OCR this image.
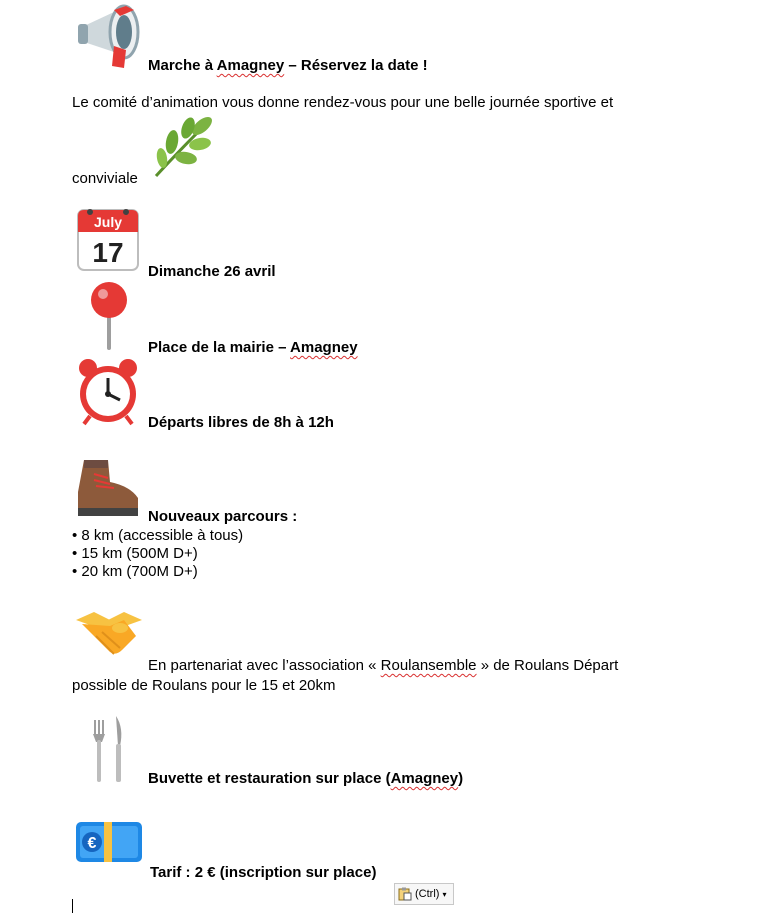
Marche à Amagney – Réservez la date !
Le comité d’animation vous donne rendez-vous pour une belle journée sportive et
conviviale
July
17
Dimanche 26 avril
Place de la mairie – Amagney
Départs libres de 8h à 12h
Nouveaux parcours :
• 8 km (accessible à tous)
• 15 km (500M D+)
• 20 km (700M D+)
En partenariat avec l’association « Roulansemble » de Roulans Départ
possible de Roulans pour le 15 et 20km
Buvette et restauration sur place (Amagney)
€
Tarif : 2 € (inscription sur place)
(Ctrl) ▾
